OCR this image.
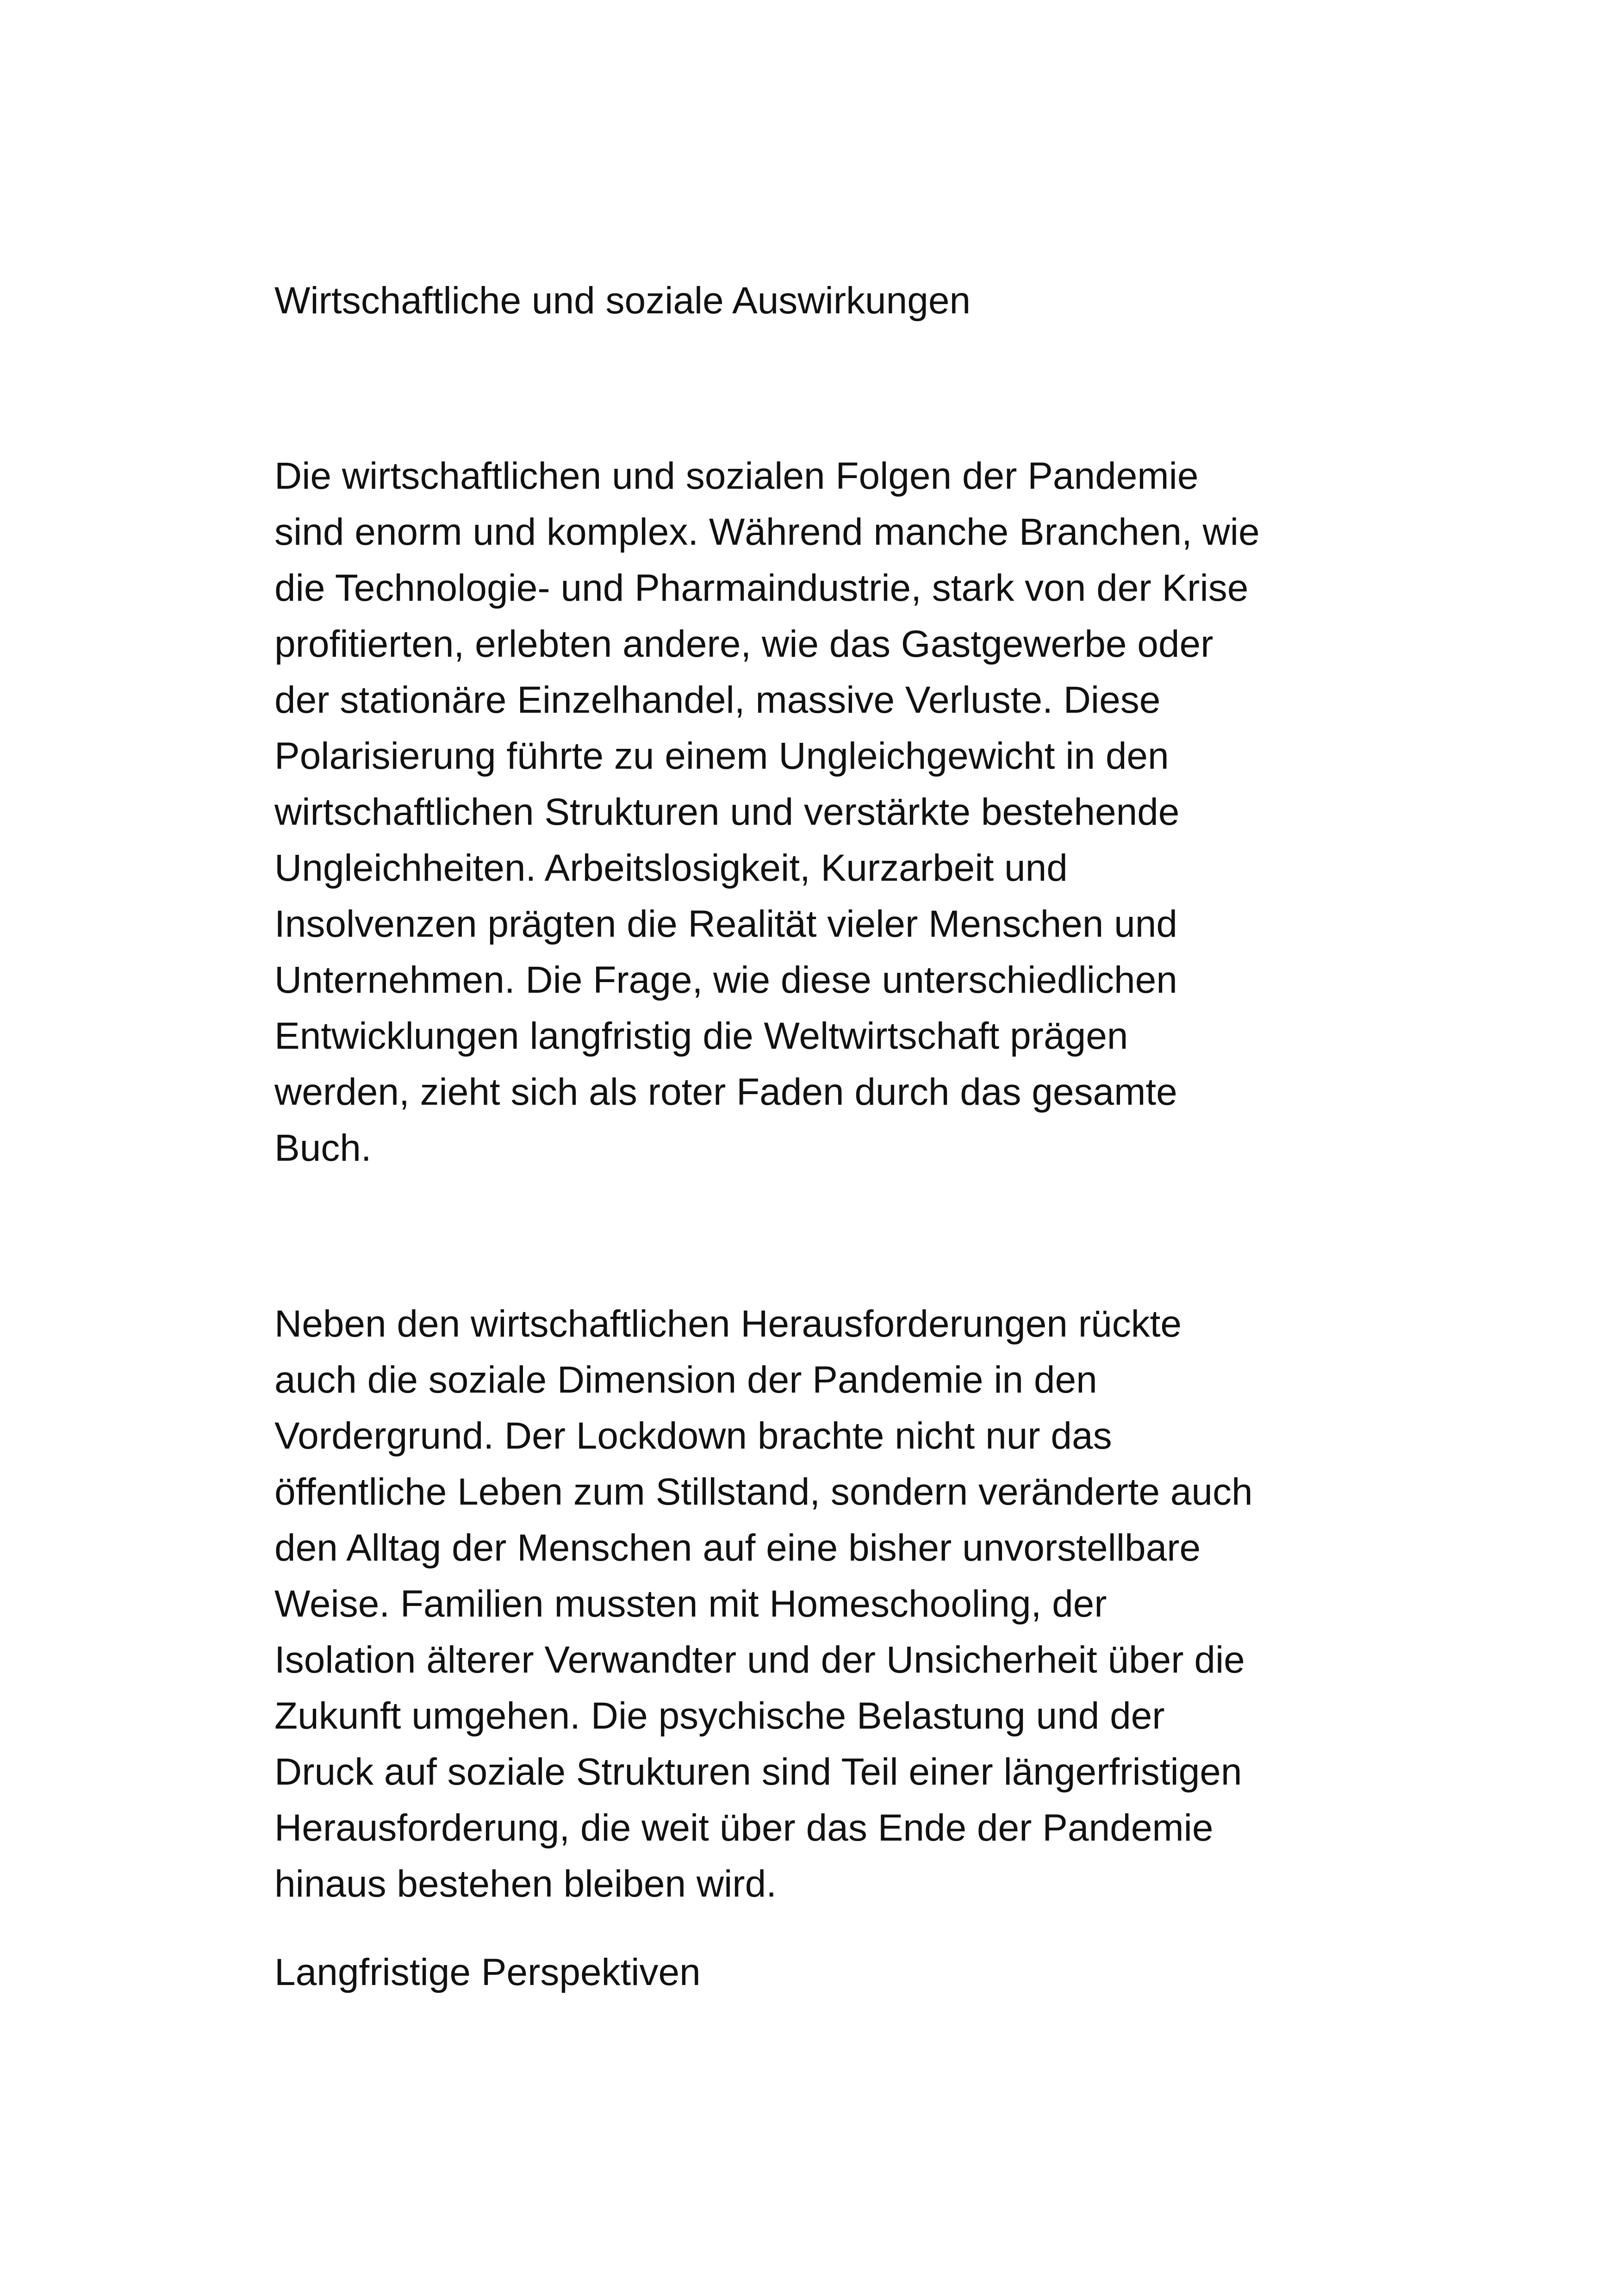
Wirtschaftliche und soziale Auswirkungen

Die wirtschaftlichen und sozialen Folgen der Pandemie
sind enorm und komplex. Während manche Branchen, wie
die Technologie- und Pharmaindustrie, stark von der Krise
profitierten, erlebten andere, wie das Gastgewerbe oder
der stationäre Einzelhandel, massive Verluste. Diese
Polarisierung führte zu einem Ungleichgewicht in den
wirtschaftlichen Strukturen und verstärkte bestehende
Ungleichheiten. Arbeitslosigkeit, Kurzarbeit und
Insolvenzen prägten die Realität vieler Menschen und
Unternehmen. Die Frage, wie diese unterschiedlichen
Entwicklungen langfristig die Weltwirtschaft prägen
werden, zieht sich als roter Faden durch das gesamte
Buch.

Neben den wirtschaftlichen Herausforderungen rückte
auch die soziale Dimension der Pandemie in den
Vordergrund. Der Lockdown brachte nicht nur das
öffentliche Leben zum Stillstand, sondern veränderte auch
den Alltag der Menschen auf eine bisher unvorstellbare
Weise. Familien mussten mit Homeschooling, der
Isolation älterer Verwandter und der Unsicherheit über die
Zukunft umgehen. Die psychische Belastung und der
Druck auf soziale Strukturen sind Teil einer längerfristigen
Herausforderung, die weit über das Ende der Pandemie
hinaus bestehen bleiben wird.

Langfristige Perspektiven
